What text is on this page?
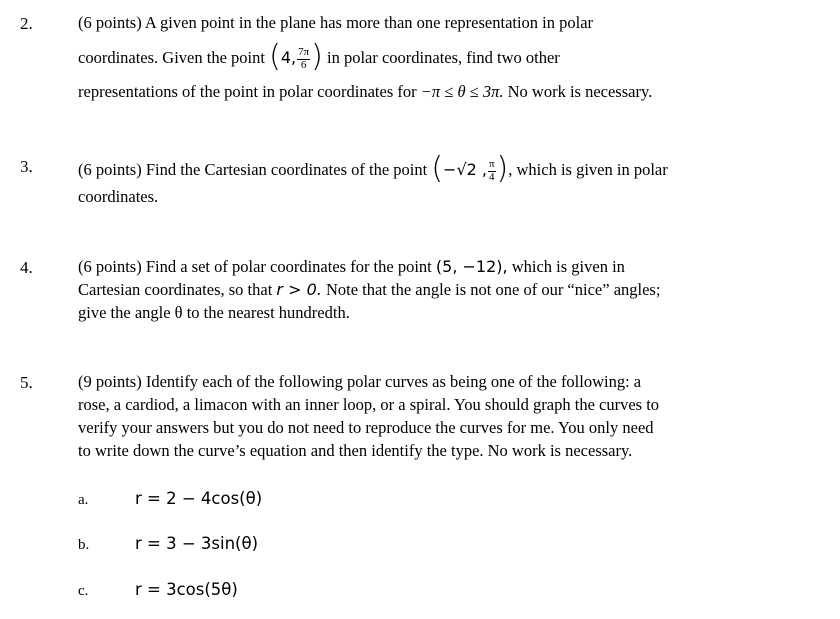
2.	(6 points) A given point in the plane has more than one representation in polar
coordinates. Given the point (4, $\frac{7\pi}{6}$ ) in polar coordinates, find two other
representations of the point in polar coordinates for −π ≤ θ ≤ 3π. No work is necessary.
3.	(6 points) Find the Cartesian coordinates of the point (−√2 , $\frac{\pi}{4}$ ), which is given in polar
coordinates.
4.	(6 points) Find a set of polar coordinates for the point (5, −12), which is given in
Cartesian coordinates, so that r > 0. Note that the angle is not one of our “nice” angles;
give the angle θ to the nearest hundredth.
5.	(9 points) Identify each of the following polar curves as being one of the following: a
rose, a cardiod, a limacon with an inner loop, or a spiral. You should graph the curves to
verify your answers but you do not need to reproduce the curves for me. You only need
to write down the curve’s equation and then identify the type. No work is necessary.
a.	r = 2 − 4cos(θ)
b.	r = 3 − 3sin(θ)
c.	r = 3cos(5θ)
